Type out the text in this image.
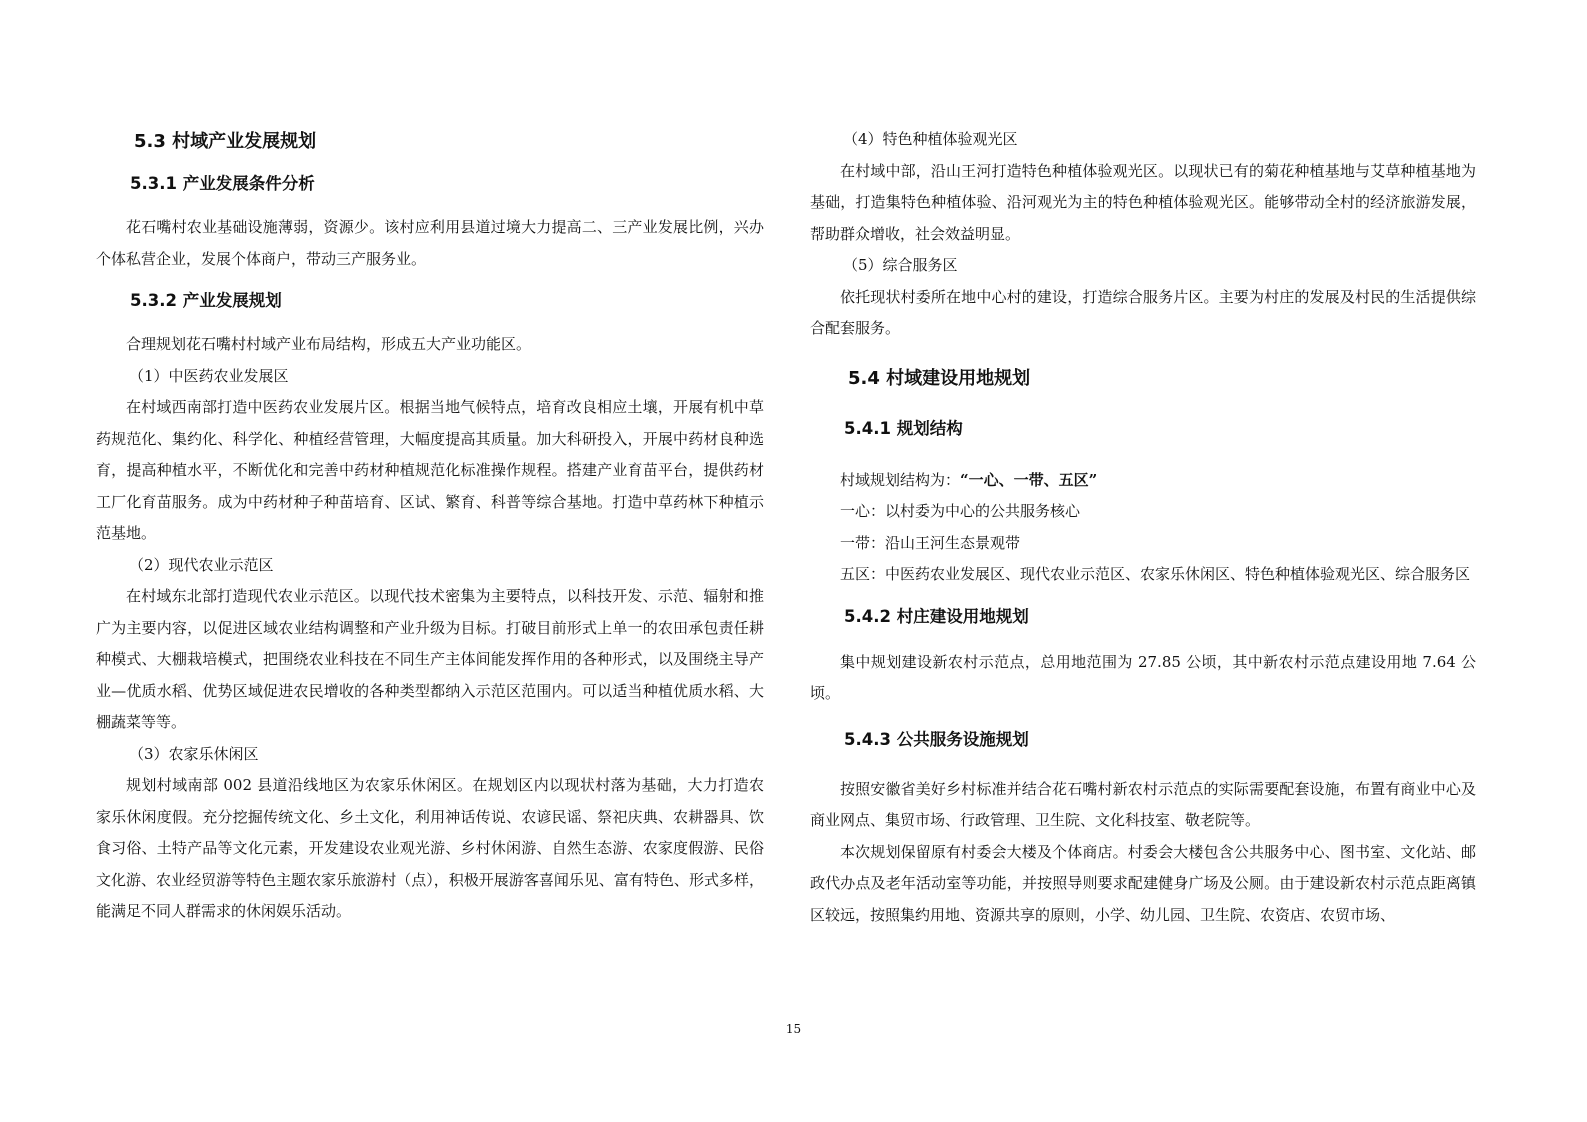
5.3 村域产业发展规划
5.3.1 产业发展条件分析

花石嘴村农业基础设施薄弱，资源少。该村应利用县道过境大力提高二、三产业发展比例，兴办个体私营企业，发展个体商户，带动三产服务业。

5.3.2 产业发展规划

合理规划花石嘴村村域产业布局结构，形成五大产业功能区。

（1）中医药农业发展区

在村域西南部打造中医药农业发展片区。根据当地气候特点，培育改良相应土壤，开展有机中草药规范化、集约化、科学化、种植经营管理，大幅度提高其质量。加大科研投入，开展中药材良种选育，提高种植水平，不断优化和完善中药材种植规范化标准操作规程。搭建产业育苗平台，提供药材工厂化育苗服务。成为中药材种子种苗培育、区试、繁育、科普等综合基地。打造中草药林下种植示范基地。

（2）现代农业示范区

在村域东北部打造现代农业示范区。以现代技术密集为主要特点，以科技开发、示范、辐射和推广为主要内容，以促进区域农业结构调整和产业升级为目标。打破目前形式上单一的农田承包责任耕种模式、大棚栽培模式，把围绕农业科技在不同生产主体间能发挥作用的各种形式，以及围绕主导产业—优质水稻、优势区域促进农民增收的各种类型都纳入示范区范围内。可以适当种植优质水稻、大棚蔬菜等等。

（3）农家乐休闲区

规划村域南部 002 县道沿线地区为农家乐休闲区。在规划区内以现状村落为基础，大力打造农家乐休闲度假。充分挖掘传统文化、乡土文化，利用神话传说、农谚民谣、祭祀庆典、农耕器具、饮食习俗、土特产品等文化元素，开发建设农业观光游、乡村休闲游、自然生态游、农家度假游、民俗文化游、农业经贸游等特色主题农家乐旅游村（点），积极开展游客喜闻乐见、富有特色、形式多样，能满足不同人群需求的休闲娱乐活动。

（4）特色种植体验观光区

在村域中部，沿山王河打造特色种植体验观光区。以现状已有的菊花种植基地与艾草种植基地为基础，打造集特色种植体验、沿河观光为主的特色种植体验观光区。能够带动全村的经济旅游发展，帮助群众增收，社会效益明显。

（5）综合服务区

依托现状村委所在地中心村的建设，打造综合服务片区。主要为村庄的发展及村民的生活提供综合配套服务。

5.4 村域建设用地规划
5.4.1 规划结构

村域规划结构为：“一心、一带、五区”

一心：以村委为中心的公共服务核心

一带：沿山王河生态景观带

五区：中医药农业发展区、现代农业示范区、农家乐休闲区、特色种植体验观光区、综合服务区

5.4.2 村庄建设用地规划

集中规划建设新农村示范点，总用地范围为 27.85 公顷，其中新农村示范点建设用地 7.64 公顷。

5.4.3 公共服务设施规划

按照安徽省美好乡村标准并结合花石嘴村新农村示范点的实际需要配套设施，布置有商业中心及商业网点、集贸市场、行政管理、卫生院、文化科技室、敬老院等。

本次规划保留原有村委会大楼及个体商店。村委会大楼包含公共服务中心、图书室、文化站、邮政代办点及老年活动室等功能，并按照导则要求配建健身广场及公厕。由于建设新农村示范点距离镇区较远，按照集约用地、资源共享的原则，小学、幼儿园、卫生院、农资店、农贸市场、

15
